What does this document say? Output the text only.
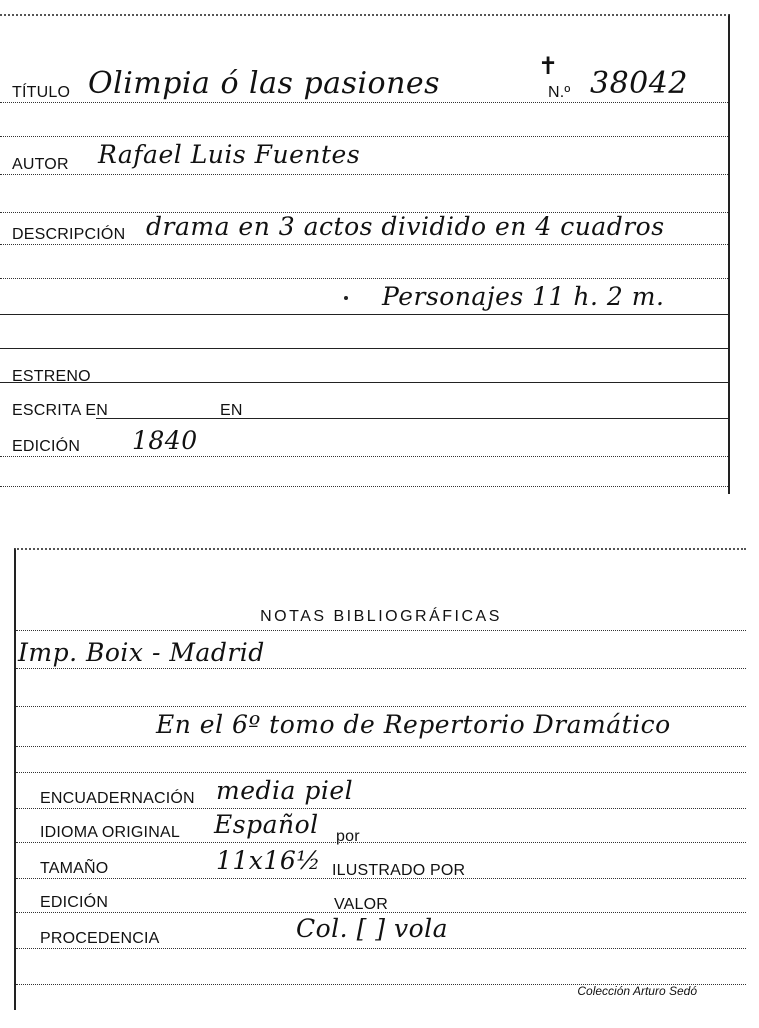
TÍTULO Olimpia ó las pasiones	✝
N.º 38042
AUTOR Rafael Luis Fuentes
DESCRIPCIÓN drama en 3 actos dividido en 4 cuadros
Personajes 11 h. 2 m.
ESTRENO
ESCRITA EN	EN
EDICIÓN 1840
NOTAS BIBLIOGRÁFICAS
Imp. Boix - Madrid
En el 6º tomo de Repertorio Dramático
ENCUADERNACIÓN media piel
IDIOMA ORIGINAL Español por
TAMAÑO	11x16½ ILUSTRADO POR
EDICIÓN	VALOR
PROCEDENCIA	Col. [ ] vola
Colección Arturo Sedó
